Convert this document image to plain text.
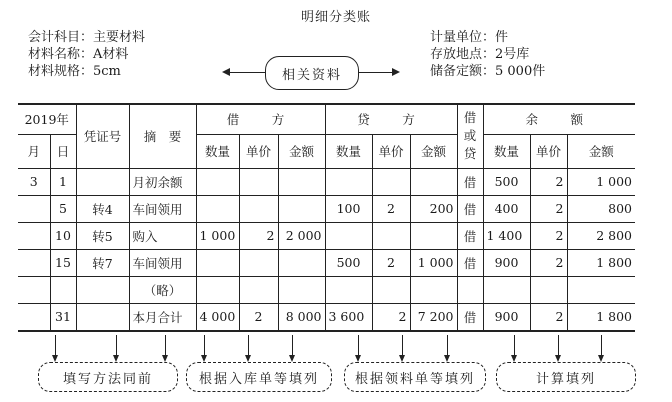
明细分类账
会计科目：主要材料
材料名称：A材料
材料规格：5cm
计量单位：件
存放地点：2号库
储备定额：5 000件
相关资料
2019年		凭证号	摘　要	借　方			贷　方			借或贷	余　额		
月	日			数量	单价	金额	数量	单价	金额		数量	单价	金额
3	1		月初余额							借	500	2	1 000
	5	转4	车间领用				100	2	200	借	400	2	800
	10	转5	购入	1 000	2	2 000				借	1 400	2	2 800
	15	转7	车间领用				500	2	1 000	借	900	2	1 800
			（略）										
	31		本月合计	4 000	2	8 000	3 600	2	7 200	借	900	2	1 800
填写方法同前	根据入库单等填列	根据领料单等填列	计算填列
